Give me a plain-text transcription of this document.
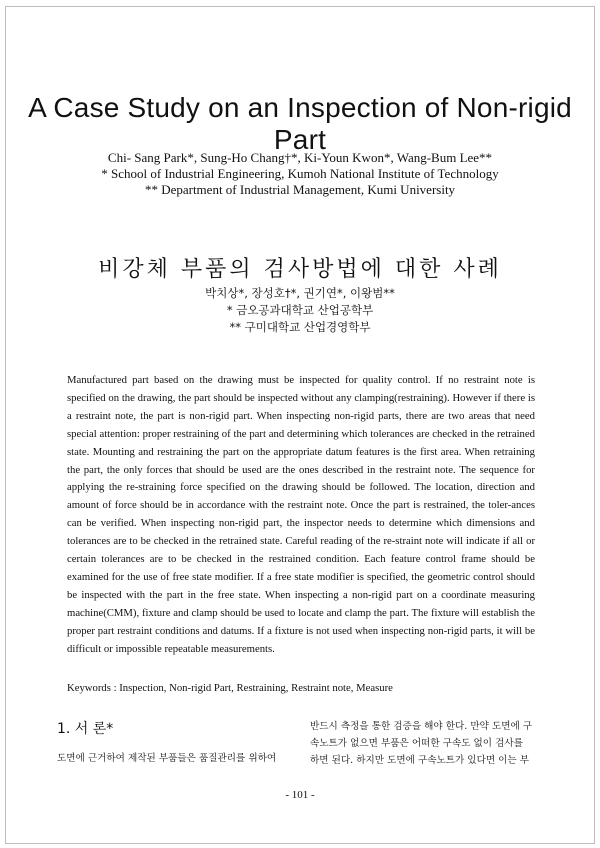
A Case Study on an Inspection of Non-rigid Part
Chi- Sang Park*, Sung-Ho Chang†*, Ki-Youn Kwon*, Wang-Bum Lee**
* School of Industrial Engineering, Kumoh National Institute of Technology
** Department of Industrial Management, Kumi University
비강체 부품의 검사방법에 대한 사례
박치상*, 장성호†*, 권기연*, 이왕범**
* 금오공과대학교 산업공학부
** 구미대학교 산업경영학부

Manufactured part based on the drawing must be inspected for quality control. If no restraint note is specified on the drawing, the part should be inspected without any clamping(restraining). However if there is a restraint note, the part is non-rigid part. When inspecting non-rigid parts, there are two areas that need special attention: proper restraining of the part and determining which tolerances are checked in the retrained state. Mounting and restraining the part on the appropriate datum features is the first area. When retraining the part, the only forces that should be used are the ones described in the restraint note. The sequence for applying the re-straining force specified on the drawing should be followed. The location, direction and amount of force should be in accordance with the restraint note. Once the part is restrained, the toler-ances can be verified. When inspecting non-rigid part, the inspector needs to determine which dimensions and tolerances are to be checked in the retrained state. Careful reading of the re-straint note will indicate if all or certain tolerances are to be checked in the restrained condition. Each feature control frame should be examined for the use of free state modifier. If a free state modifier is specified, the geometric control should be inspected with the part in the free state. When inspecting a non-rigid part on a coordinate measuring machine(CMM), fixture and clamp should be used to locate and clamp the part. The fixture will establish the proper part restraint conditions and datums. If a fixture is not used when inspecting non-rigid parts, it will be difficult or impossible repeatable measurements.

Keywords : Inspection, Non-rigid Part, Restraining, Restraint note, Measure
1. 서 론*
도면에 근거하여 제작된 부품들은 품질관리를 위하여
반드시 측정을 통한 검증을 해야 한다. 만약 도면에 구
속노트가 없으면 부품은 어떠한 구속도 없이 검사를
하면 된다. 하지만 도면에 구속노트가 있다면 이는 부
- 101 -
